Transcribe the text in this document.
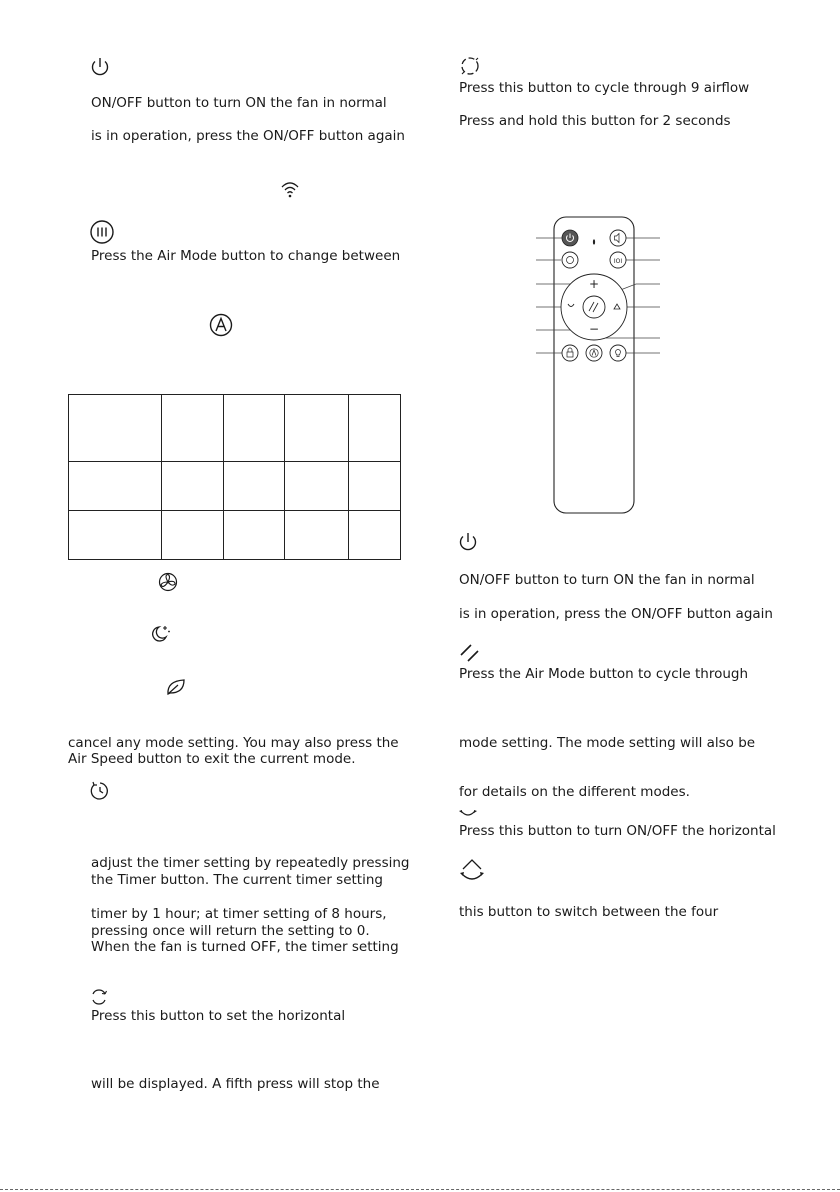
ON/OFF button to turn ON the fan in normal
is in operation, press the ON/OFF button again
Press the Air Mode button to change between

cancel any mode setting. You may also press the
Air Speed button to exit the current mode.
adjust the timer setting by repeatedly pressing
the Timer button. The current timer setting
timer by 1 hour; at timer setting of 8 hours,
pressing once will return the setting to 0.
When the fan is turned OFF, the timer setting
Press this button to set the horizontal
will be displayed. A fifth press will stop the
Press this button to cycle through 9 airflow
Press and hold this button for 2 seconds
IOI
+
−
ON/OFF button to turn ON the fan in normal
is in operation, press the ON/OFF button again
Press the Air Mode button to cycle through
mode setting. The mode setting will also be
for details on the different modes.
Press this button to turn ON/OFF the horizontal
this button to switch between the four
